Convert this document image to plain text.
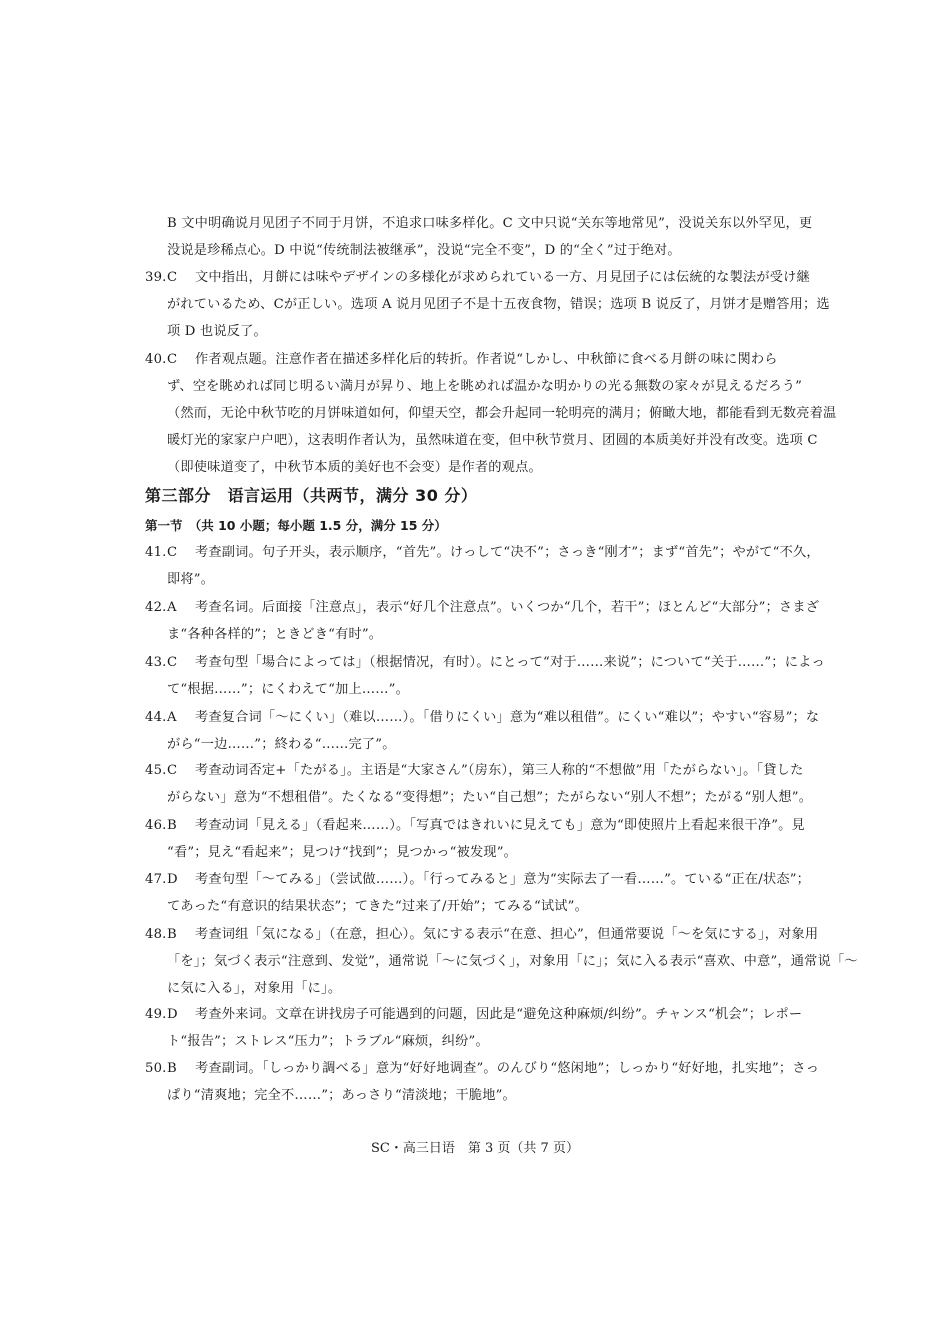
B 文中明确说月见团子不同于月饼，不追求口味多样化。C 文中只说“关东等地常见”，没说关东以外罕见，更
没说是珍稀点心。D 中说“传统制法被继承”，没说“完全不变”，D 的“全く”过于绝对。
39.C 文中指出，月餅には味やデザインの多様化が求められている一方、月見団子には伝統的な製法が受け継
がれているため、Cが正しい。选项 A 说月见团子不是十五夜食物，错误；选项 B 说反了，月饼才是赠答用；选
项 D 也说反了。
40.C 作者观点题。注意作者在描述多样化后的转折。作者说“しかし、中秋節に食べる月餅の味に関わら
ず、空を眺めれば同じ明るい満月が昇り、地上を眺めれば温かな明かりの光る無数の家々が見えるだろう”
（然而，无论中秋节吃的月饼味道如何，仰望天空，都会升起同一轮明亮的满月；俯瞰大地，都能看到无数亮着温
暖灯光的家家户户吧），这表明作者认为，虽然味道在变，但中秋节赏月、团圆的本质美好并没有改变。选项 C
（即使味道变了，中秋节本质的美好也不会变）是作者的观点。
第三部分　语言运用（共两节，满分 30 分）
第一节　（共 10 小题；每小题 1.5 分，满分 15 分）
41.C 考查副词。句子开头，表示顺序，“首先”。けっして“决不”；さっき“刚才”；まず“首先”；やがて“不久，
即将”。
42.A 考查名词。后面接「注意点」，表示“好几个注意点”。いくつか“几个，若干”；ほとんど“大部分”；さまざ
ま“各种各样的”；ときどき“有时”。
43.C 考查句型「場合によっては」（根据情况，有时）。にとって“对于……来说”；について“关于……”；によっ
て“根据……”；にくわえて“加上……”。
44.A 考查复合词「～にくい」（难以……）。「借りにくい」意为“难以租借”。にくい“难以”；やすい“容易”；な
がら“一边……”；終わる“……完了”。
45.C 考查动词否定+「たがる」。主语是“大家さん”（房东），第三人称的“不想做”用「たがらない」。「貸した
がらない」意为“不想租借”。たくなる“变得想”；たい“自己想”；たがらない“别人不想”；たがる“别人想”。
46.B 考查动词「見える」（看起来……）。「写真ではきれいに見えても」意为“即使照片上看起来很干净”。見
“看”；見え“看起来”；見つけ“找到”；見つかっ“被发现”。
47.D 考查句型「～てみる」（尝试做……）。「行ってみると」意为“实际去了一看……”。ている“正在/状态”；
てあった“有意识的结果状态”；てきた“过来了/开始”；てみる“试试”。
48.B 考查词组「気になる」（在意，担心）。気にする表示“在意、担心”，但通常要说「～を気にする」，对象用
「を」；気づく表示“注意到、发觉”，通常说「～に気づく」，对象用「に」；気に入る表示“喜欢、中意”，通常说「～
に気に入る」，对象用「に」。
49.D 考查外来词。文章在讲找房子可能遇到的问题，因此是“避免这种麻烦/纠纷”。チャンス“机会”；レポー
ト“报告”；ストレス“压力”；トラブル“麻烦，纠纷”。
50.B 考查副词。「しっかり調べる」意为“好好地调查”。のんびり“悠闲地”；しっかり“好好地，扎实地”；さっ
ぱり“清爽地；完全不……”；あっさり“清淡地；干脆地”。
SC・高三日语　第 3 页（共 7 页）
